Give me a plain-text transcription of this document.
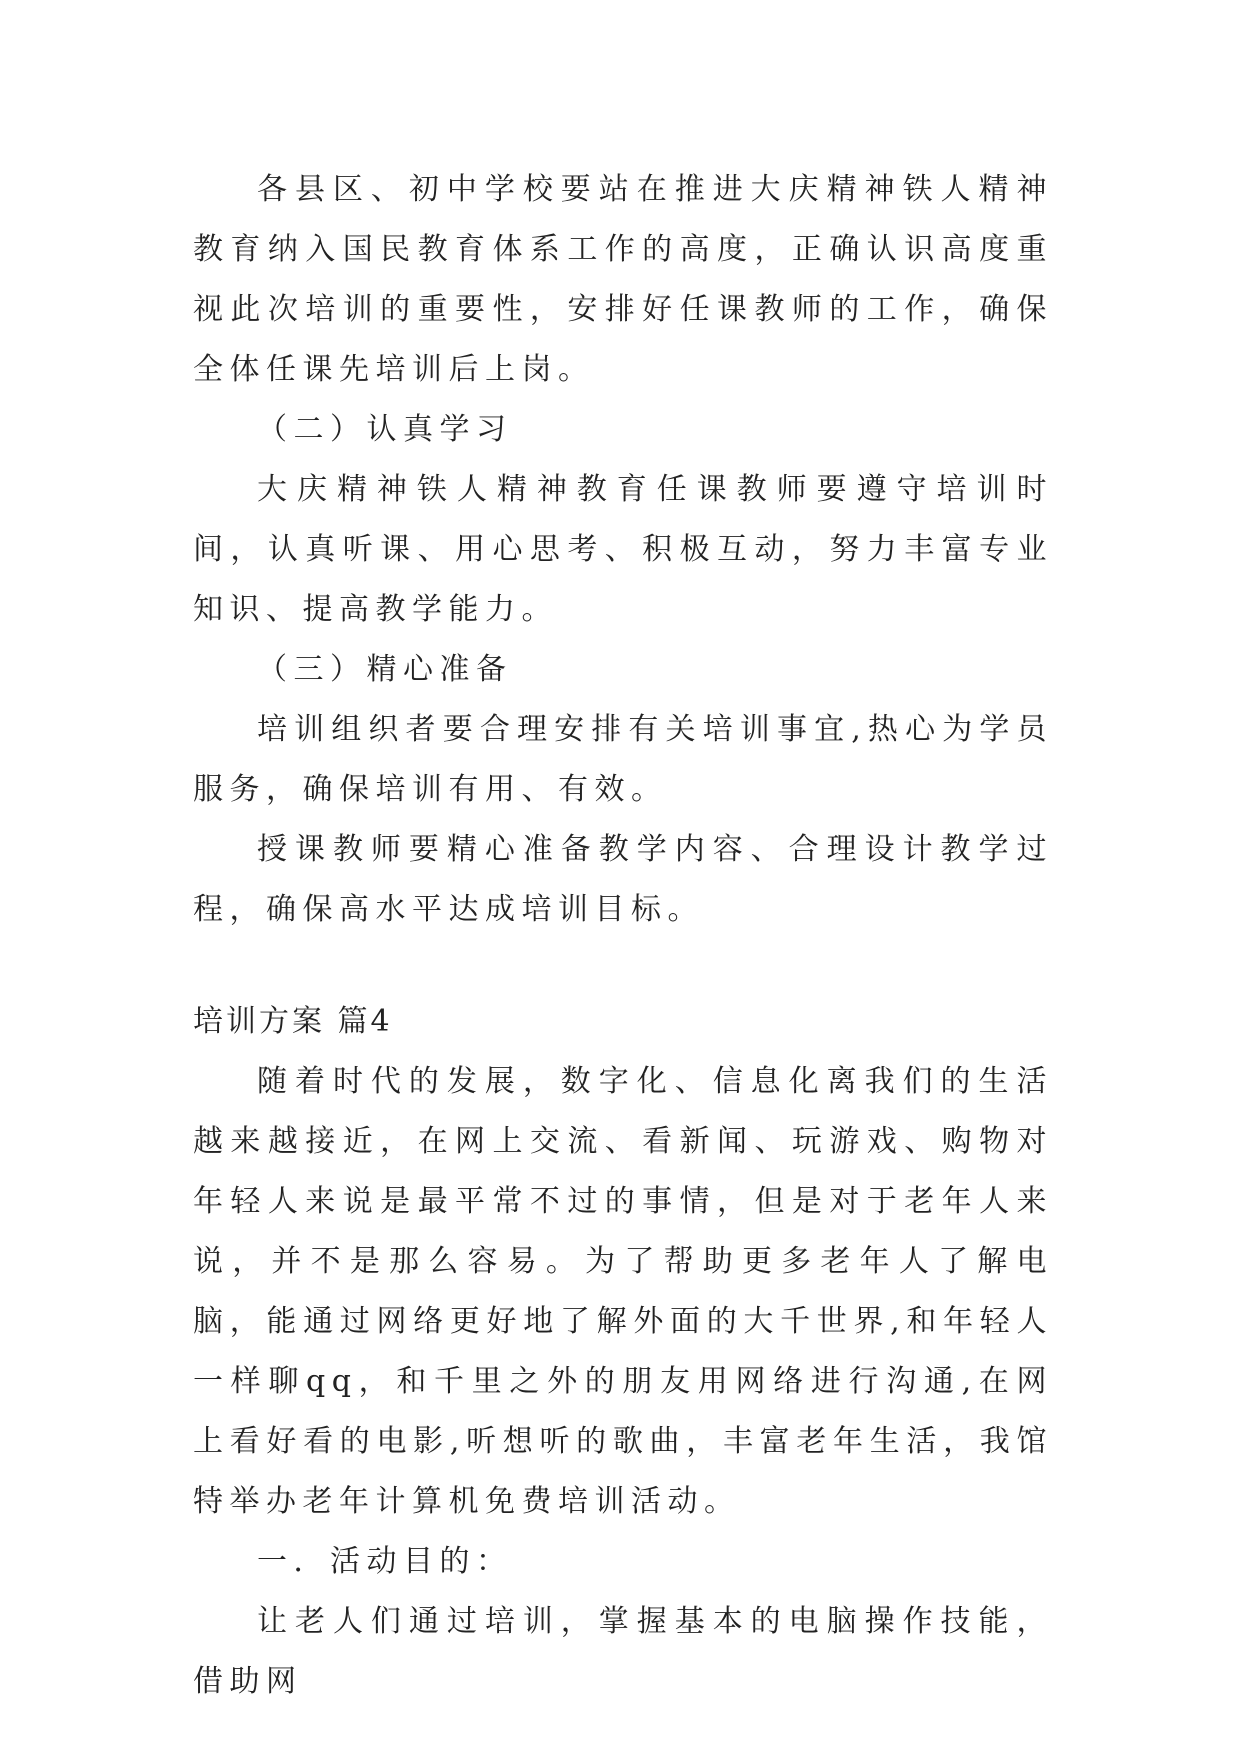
各县区、初中学校要站在推进大庆精神铁人精神教育纳入国民教育体系工作的高度，正确认识高度重视此次培训的重要性，安排好任课教师的工作，确保全体任课先培训后上岗。

（二）认真学习

大庆精神铁人精神教育任课教师要遵守培训时间，认真听课、用心思考、积极互动，努力丰富专业知识、提高教学能力。

（三）精心准备

培训组织者要合理安排有关培训事宜,热心为学员服务，确保培训有用、有效。

授课教师要精心准备教学内容、合理设计教学过程，确保高水平达成培训目标。

培训方案 篇4

随着时代的发展，数字化、信息化离我们的生活越来越接近，在网上交流、看新闻、玩游戏、购物对年轻人来说是最平常不过的事情，但是对于老年人来说，并不是那么容易。为了帮助更多老年人了解电脑，能通过网络更好地了解外面的大千世界,和年轻人一样聊qq，和千里之外的朋友用网络进行沟通,在网上看好看的电影,听想听的歌曲，丰富老年生活，我馆特举办老年计算机免费培训活动。

一．活动目的：

让老人们通过培训，掌握基本的电脑操作技能，借助网
